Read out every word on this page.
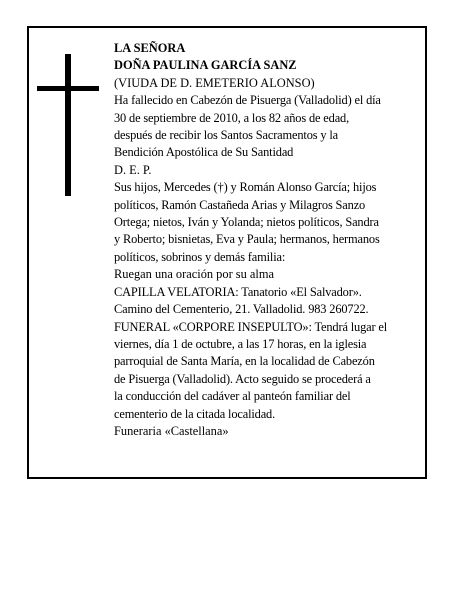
LA SEÑORA

DOÑA PAULINA GARCÍA SANZ

(VIUDA DE D. EMETERIO ALONSO)

Ha fallecido en Cabezón de Pisuerga (Valladolid) el día
30 de septiembre de 2010, a los 82 años de edad,
después de recibir los Santos Sacramentos y la
Bendición Apostólica de Su Santidad

D. E. P.

Sus hijos, Mercedes (†) y Román Alonso García; hijos
políticos, Ramón Castañeda Arias y Milagros Sanzo
Ortega; nietos, Iván y Yolanda; nietos políticos, Sandra
y Roberto; bisnietas, Eva y Paula; hermanos, hermanos
políticos, sobrinos y demás familia:

Ruegan una oración por su alma

CAPILLA VELATORIA: Tanatorio «El Salvador».
Camino del Cementerio, 21. Valladolid. 983 260722.

FUNERAL «CORPORE INSEPULTO»: Tendrá lugar el
viernes, día 1 de octubre, a las 17 horas, en la iglesia
parroquial de Santa María, en la localidad de Cabezón
de Pisuerga (Valladolid). Acto seguido se procederá a
la conducción del cadáver al panteón familiar del
cementerio de la citada localidad.

Funeraria «Castellana»
